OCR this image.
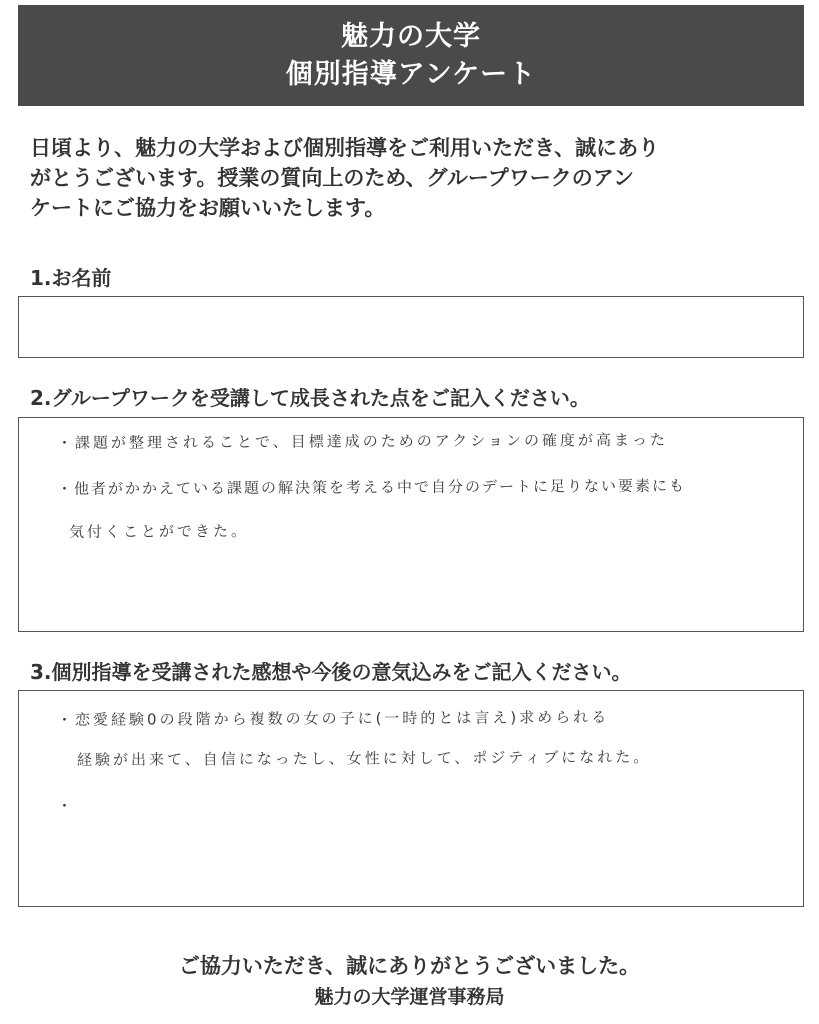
魅力の大学
個別指導アンケート
日頃より、魅力の大学および個別指導をご利用いただき、誠にあり
がとうございます。授業の質向上のため、グループワークのアン
ケートにご協力をお願いいたします。
1.お名前
2.グループワークを受講して成長された点をご記入ください。
・課題が整理されることで、目標達成のためのアクションの確度が高まった
・他者がかかえている課題の解決策を考える中で自分のデートに足りない要素にも
気付くことができた。
3.個別指導を受講された感想や今後の意気込みをご記入ください。
・恋愛経験0の段階から複数の女の子に(一時的とは言え)求められる
経験が出来て、自信になったし、女性に対して、ポジティブになれた。
・
ご協力いただき、誠にありがとうございました。
魅力の大学運営事務局
